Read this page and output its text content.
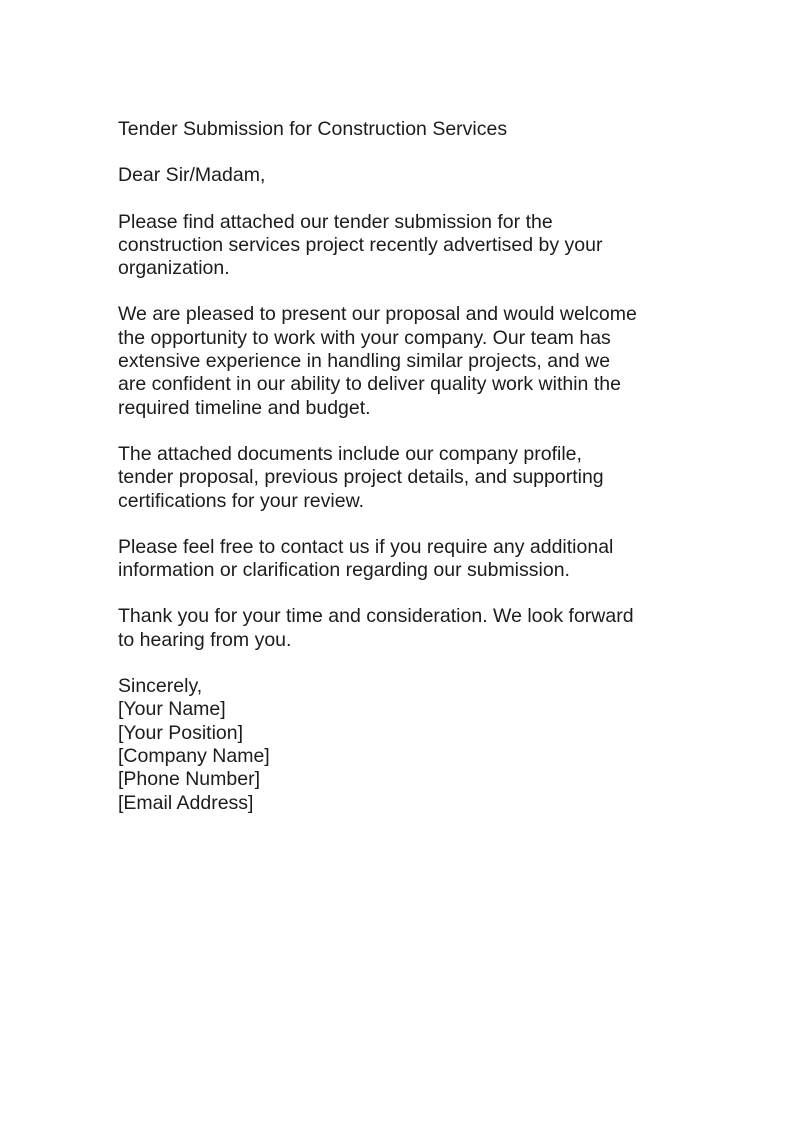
Tender Submission for Construction Services

Dear Sir/Madam,

Please find attached our tender submission for the
construction services project recently advertised by your
organization.

We are pleased to present our proposal and would welcome
the opportunity to work with your company. Our team has
extensive experience in handling similar projects, and we
are confident in our ability to deliver quality work within the
required timeline and budget.

The attached documents include our company profile,
tender proposal, previous project details, and supporting
certifications for your review.

Please feel free to contact us if you require any additional
information or clarification regarding our submission.

Thank you for your time and consideration. We look forward
to hearing from you.

Sincerely,
[Your Name]
[Your Position]
[Company Name]
[Phone Number]
[Email Address]
